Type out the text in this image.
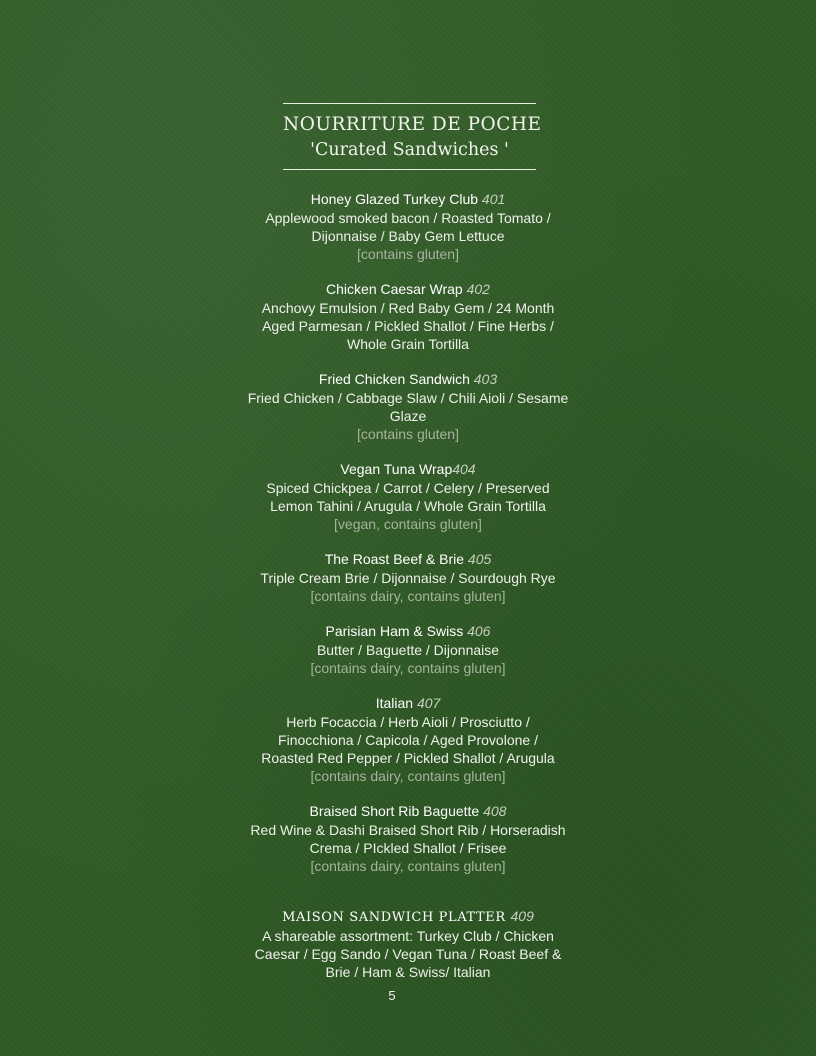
NOURRITURE DE POCHE
'Curated Sandwiches '
Honey Glazed Turkey Club 401
Applewood smoked bacon / Roasted Tomato /
Dijonnaise / Baby Gem Lettuce
[contains gluten]
Chicken Caesar Wrap 402
Anchovy Emulsion / Red Baby Gem / 24 Month
Aged Parmesan / Pickled Shallot / Fine Herbs /
Whole Grain Tortilla
Fried Chicken Sandwich 403
Fried Chicken / Cabbage Slaw / Chili Aioli / Sesame
Glaze
[contains gluten]
Vegan Tuna Wrap404
Spiced Chickpea / Carrot / Celery / Preserved
Lemon Tahini / Arugula / Whole Grain Tortilla
[vegan, contains gluten]
The Roast Beef & Brie 405
Triple Cream Brie / Dijonnaise / Sourdough Rye
[contains dairy, contains gluten]
Parisian Ham & Swiss 406
Butter / Baguette / Dijonnaise
[contains dairy, contains gluten]
Italian 407
Herb Focaccia / Herb Aioli / Prosciutto /
Finocchiona / Capicola / Aged Provolone /
Roasted Red Pepper / Pickled Shallot / Arugula
[contains dairy, contains gluten]
Braised Short Rib Baguette 408
Red Wine & Dashi Braised Short Rib / Horseradish
Crema / PIckled Shallot / Frisee
[contains dairy, contains gluten]
MAISON SANDWICH PLATTER 409
A shareable assortment: Turkey Club / Chicken
Caesar / Egg Sando / Vegan Tuna / Roast Beef &
Brie / Ham & Swiss/ Italian
5
